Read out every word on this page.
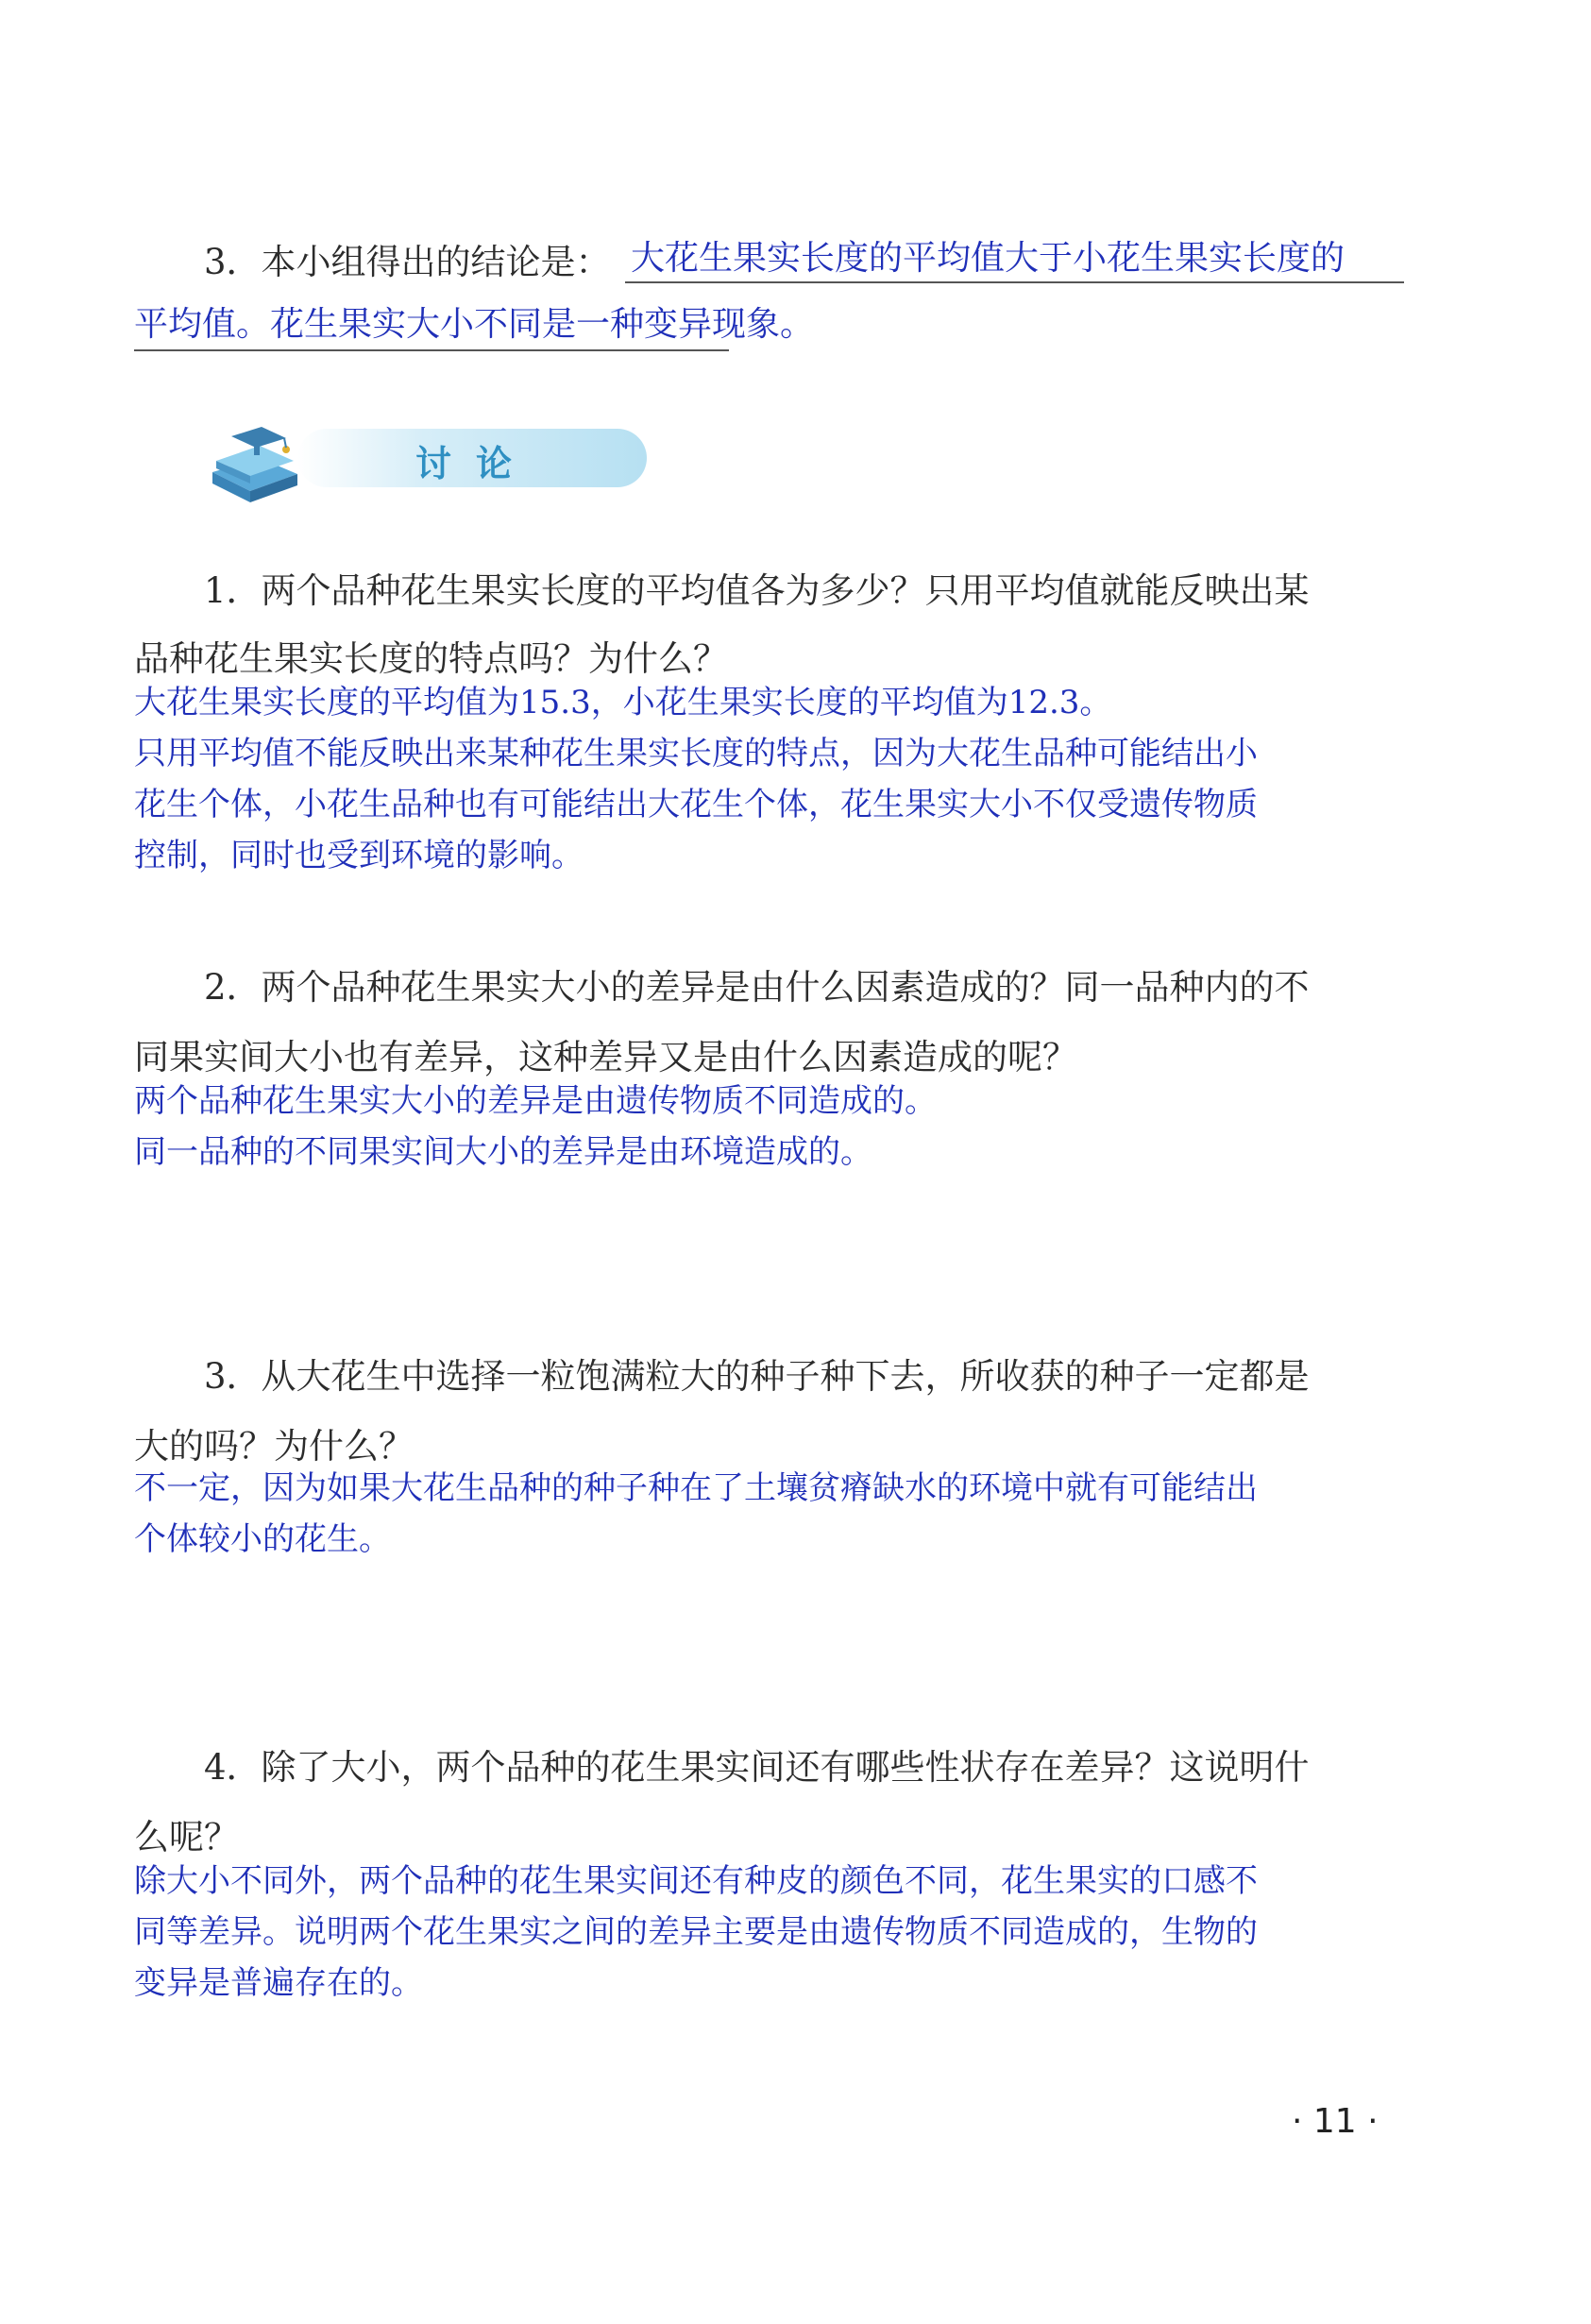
3．本小组得出的结论是： 大花生果实长度的平均值大于小花生果实长度的
平均值。花生果实大小不同是一种变异现象。
讨论
1．两个品种花生果实长度的平均值各为多少？只用平均值就能反映出某
品种花生果实长度的特点吗？为什么？
大花生果实长度的平均值为15.3，小花生果实长度的平均值为12.3。
只用平均值不能反映出来某种花生果实长度的特点，因为大花生品种可能结出小
花生个体，小花生品种也有可能结出大花生个体，花生果实大小不仅受遗传物质
控制，同时也受到环境的影响。
2．两个品种花生果实大小的差异是由什么因素造成的？同一品种内的不
同果实间大小也有差异，这种差异又是由什么因素造成的呢？
两个品种花生果实大小的差异是由遗传物质不同造成的。
同一品种的不同果实间大小的差异是由环境造成的。
3．从大花生中选择一粒饱满粒大的种子种下去，所收获的种子一定都是
大的吗？为什么？
不一定，因为如果大花生品种的种子种在了土壤贫瘠缺水的环境中就有可能结出
个体较小的花生。
4．除了大小，两个品种的花生果实间还有哪些性状存在差异？这说明什
么呢？
除大小不同外，两个品种的花生果实间还有种皮的颜色不同，花生果实的口感不
同等差异。说明两个花生果实之间的差异主要是由遗传物质不同造成的，生物的
变异是普遍存在的。
· 11 ·
